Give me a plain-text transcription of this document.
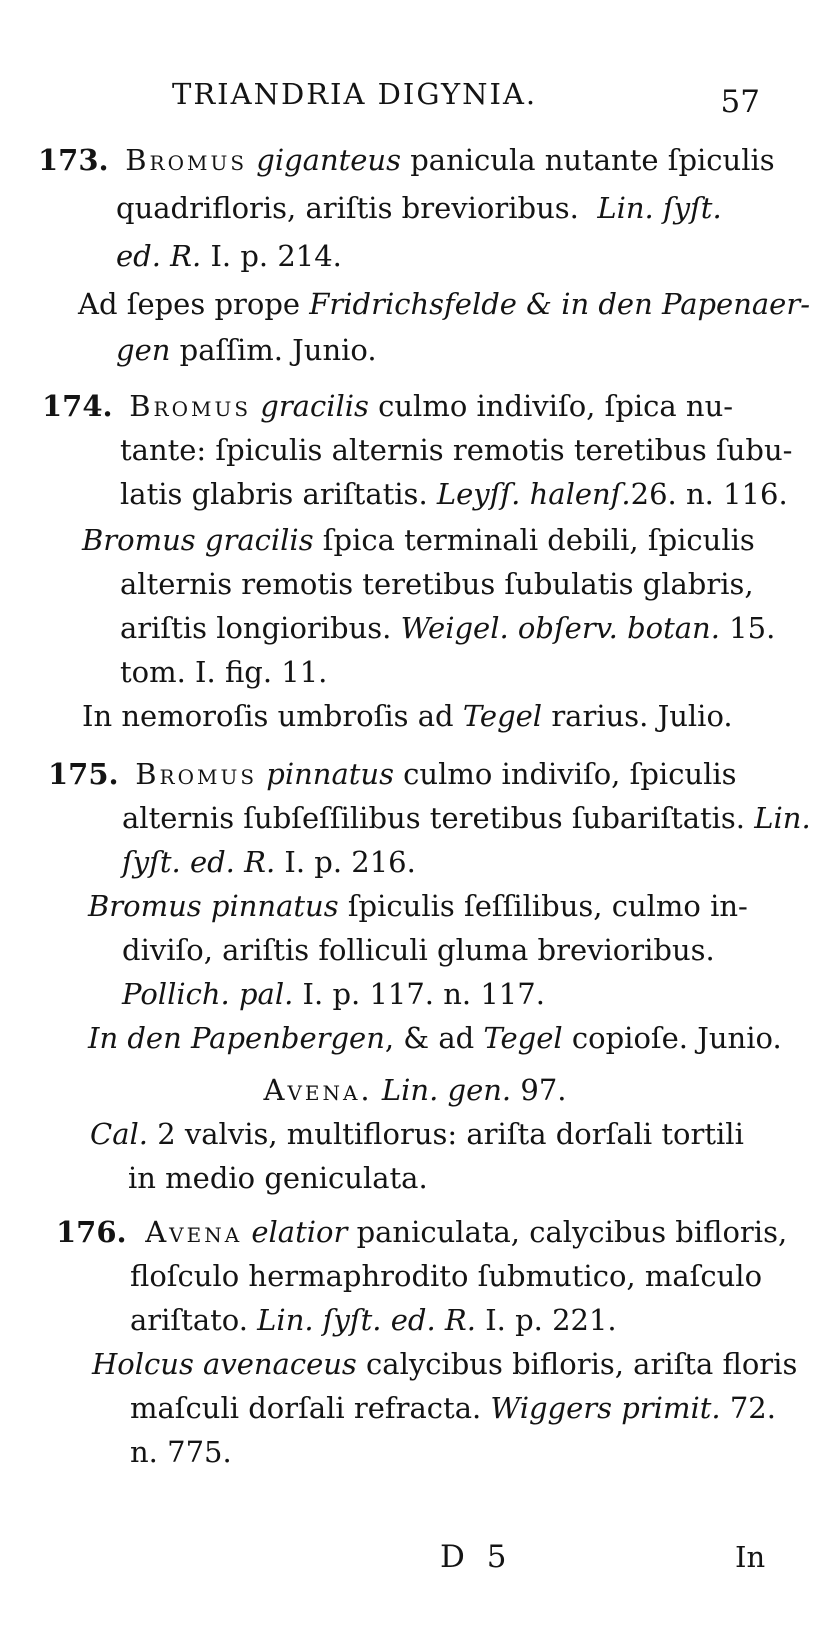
TRIANDRIA DIGYNIA.	57
173. Bromus giganteus panicula nutante ſpiculis
quadrifloris, ariſtis brevioribus. Lin. ſyſt.
ed. R. I. p. 214.
Ad ſepes prope Fridrichsfelde & in den Papenaer-
gen paſſim. Junio.
174. Bromus gracilis culmo indiviſo, ſpica nu-
tante: ſpiculis alternis remotis teretibus ſubu-
latis glabris ariſtatis. Leyſſ. halenſ.26. n. 116.
Bromus gracilis ſpica terminali debili, ſpiculis
alternis remotis teretibus ſubulatis glabris,
ariſtis longioribus. Weigel. obſerv. botan. 15.
tom. I. fig. 11.
In nemoroſis umbroſis ad Tegel rarius. Julio.
175. Bromus pinnatus culmo indiviſo, ſpiculis
alternis ſubſeſſilibus teretibus ſubariſtatis. Lin.
ſyſt. ed. R. I. p. 216.
Bromus pinnatus ſpiculis ſeſſilibus, culmo in-
diviſo, ariſtis folliculi gluma brevioribus.
Pollich. pal. I. p. 117. n. 117.
In den Papenbergen, & ad Tegel copioſe. Junio.
Avena. Lin. gen. 97.
Cal. 2 valvis, multiflorus: ariſta dorſali tortili
in medio geniculata.
176. Avena elatior paniculata, calycibus bifloris,
floſculo hermaphrodito ſubmutico, maſculo
ariſtato. Lin. ſyſt. ed. R. I. p. 221.
Holcus avenaceus calycibus bifloris, ariſta floris
maſculi dorſali refracta. Wiggers primit. 72.
n. 775.
D 5	In
